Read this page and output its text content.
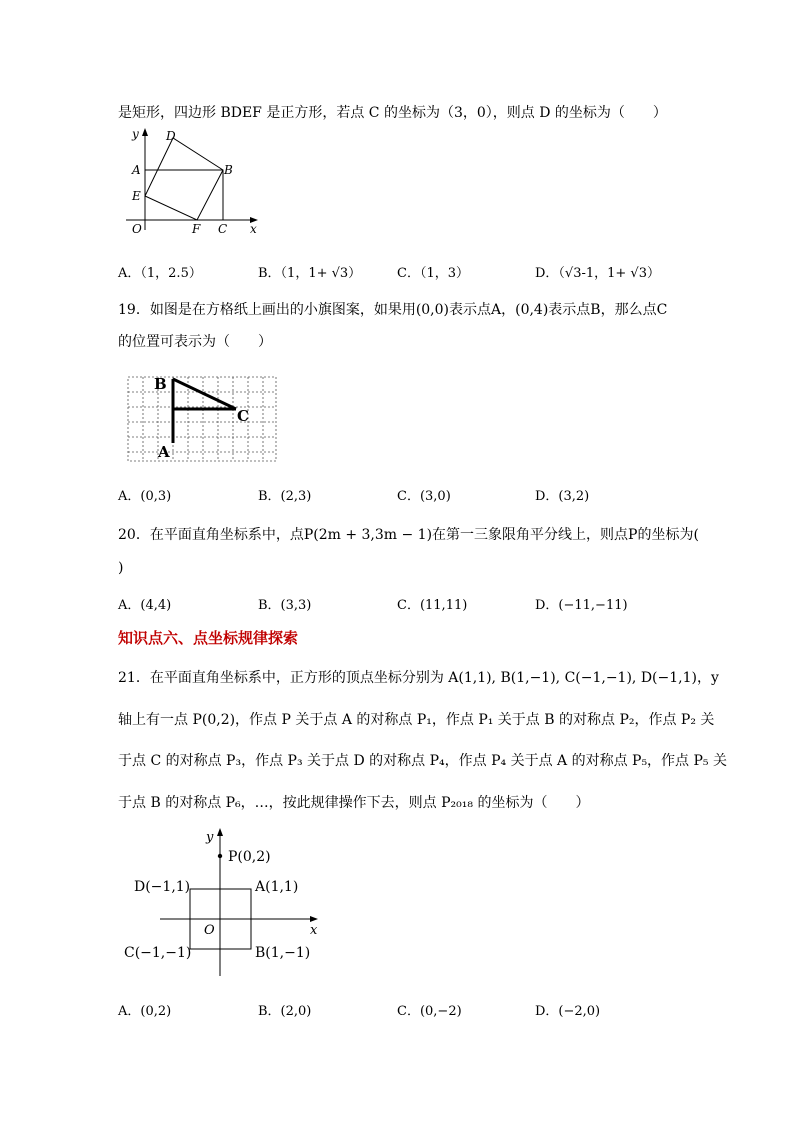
是矩形，四边形 BDEF 是正方形，若点 C 的坐标为（3，0），则点 D 的坐标为（　　）
y
x
O
A	B
C
D
E
F
A．（1，2.5）	B．（1，1+ √3）	C．（1，3）	D．（√3-1，1+ √3）
19．如图是在方格纸上画出的小旗图案，如果用(0,0)表示点A，(0,4)表示点B，那么点C
的位置可表示为（　　）
B
C
A
A．(0,3)	B．(2,3)	C．(3,0)	D．(3,2)
20．在平面直角坐标系中，点P(2m + 3,3m − 1)在第一三象限角平分线上，则点P的坐标为(
)
A．(4,4)	B．(3,3)	C．(11,11)	D．(−11,−11)
知识点六、点坐标规律探索
21．在平面直角坐标系中，正方形的顶点坐标分别为 A(1,1), B(1,−1), C(−1,−1), D(−1,1)，y
轴上有一点 P(0,2)，作点 P 关于点 A 的对称点 P₁，作点 P₁ 关于点 B 的对称点 P₂，作点 P₂ 关
于点 C 的对称点 P₃，作点 P₃ 关于点 D 的对称点 P₄，作点 P₄ 关于点 A 的对称点 P₅，作点 P₅ 关
于点 B 的对称点 P₆，…，按此规律操作下去，则点 P₂₀₁₈ 的坐标为（　　）
y
x
O
P(0,2)
A(1,1)
B(1,−1)
C(−1,−1)
D(−1,1)
A．(0,2)	B．(2,0)	C．(0,−2)	D．(−2,0)
